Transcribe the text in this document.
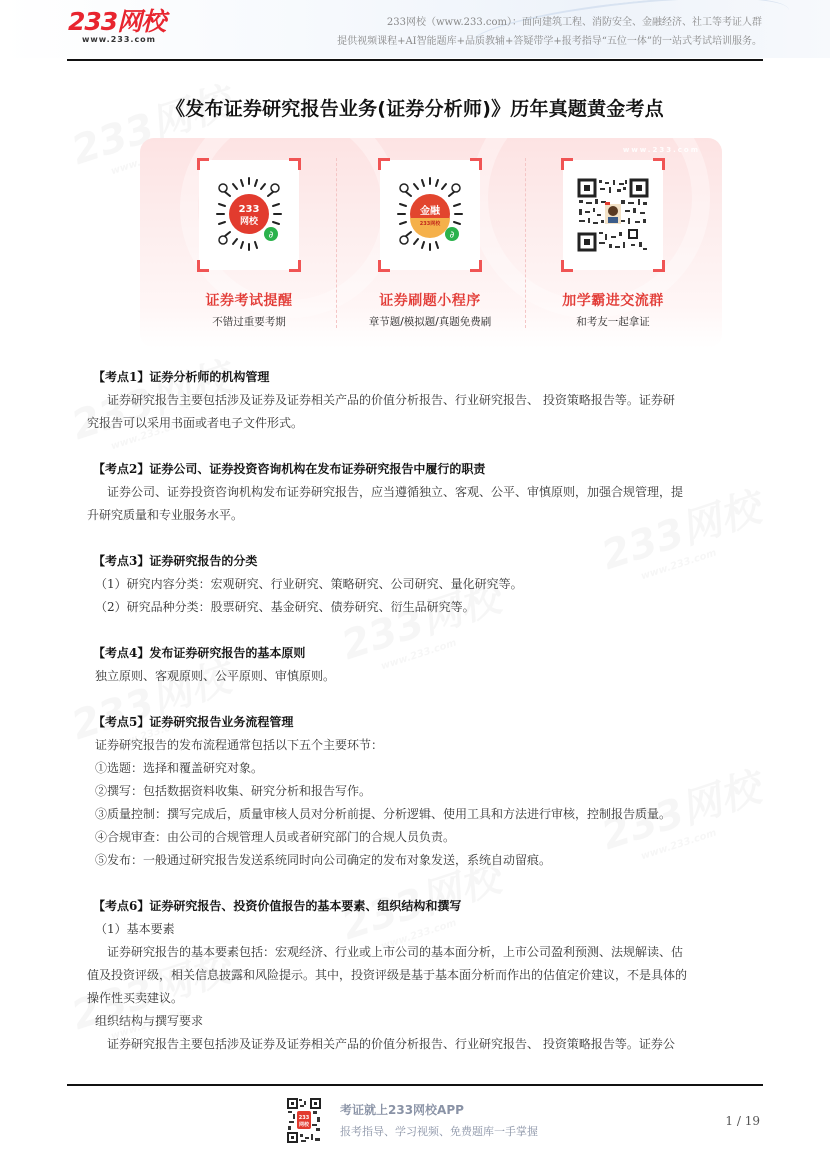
233网校
www.233.com
233网校（www.233.com）：面向建筑工程、消防安全、金融经济、社工等考证人群
提供视频课程+AI智能题库+品质教辅+答疑带学+报考指导“五位一体”的一站式考试培训服务。
《发布证券研究报告业务(证券分析师)》历年真题黄金考点
www.233.com
233
网校
∂
证券考试提醒
不错过重要考期
金融
233网校
∂
证券刷题小程序
章节题/模拟题/真题免费刷
加学霸进交流群
和考友一起拿证
【考点1】证券分析师的机构管理
　证券研究报告主要包括涉及证券及证券相关产品的价值分析报告、行业研究报告、 投资策略报告等。证券研
究报告可以采用书面或者电子文件形式。
【考点2】证券公司、证券投资咨询机构在发布证券研究报告中履行的职责
　证券公司、证券投资咨询机构发布证券研究报告，应当遵循独立、客观、公平、审慎原则，加强合规管理，提
升研究质量和专业服务水平。
【考点3】证券研究报告的分类
（1）研究内容分类：宏观研究、行业研究、策略研究、公司研究、量化研究等。
（2）研究品种分类：股票研究、基金研究、债券研究、衍生品研究等。
【考点4】发布证券研究报告的基本原则
独立原则、客观原则、公平原则、审慎原则。
【考点5】证券研究报告业务流程管理
证券研究报告的发布流程通常包括以下五个主要环节：
①选题：选择和覆盖研究对象。
②撰写：包括数据资料收集、研究分析和报告写作。
③质量控制：撰写完成后，质量审核人员对分析前提、分析逻辑、使用工具和方法进行审核，控制报告质量。
④合规审查：由公司的合规管理人员或者研究部门的合规人员负责。
⑤发布：一般通过研究报告发送系统同时向公司确定的发布对象发送，系统自动留痕。
【考点6】证券研究报告、投资价值报告的基本要素、组织结构和撰写
（1）基本要素
　证券研究报告的基本要素包括：宏观经济、行业或上市公司的基本面分析，上市公司盈利预测、法规解读、估
值及投资评级，相关信息披露和风险提示。其中，投资评级是基于基本面分析而作出的估值定价建议，不是具体的
操作性买卖建议。
组织结构与撰写要求
　证券研究报告主要包括涉及证券及证券相关产品的价值分析报告、行业研究报告、 投资策略报告等。证券公
233
网校
考证就上233网校APP
报考指导、学习视频、免费题库一手掌握
1 / 19
